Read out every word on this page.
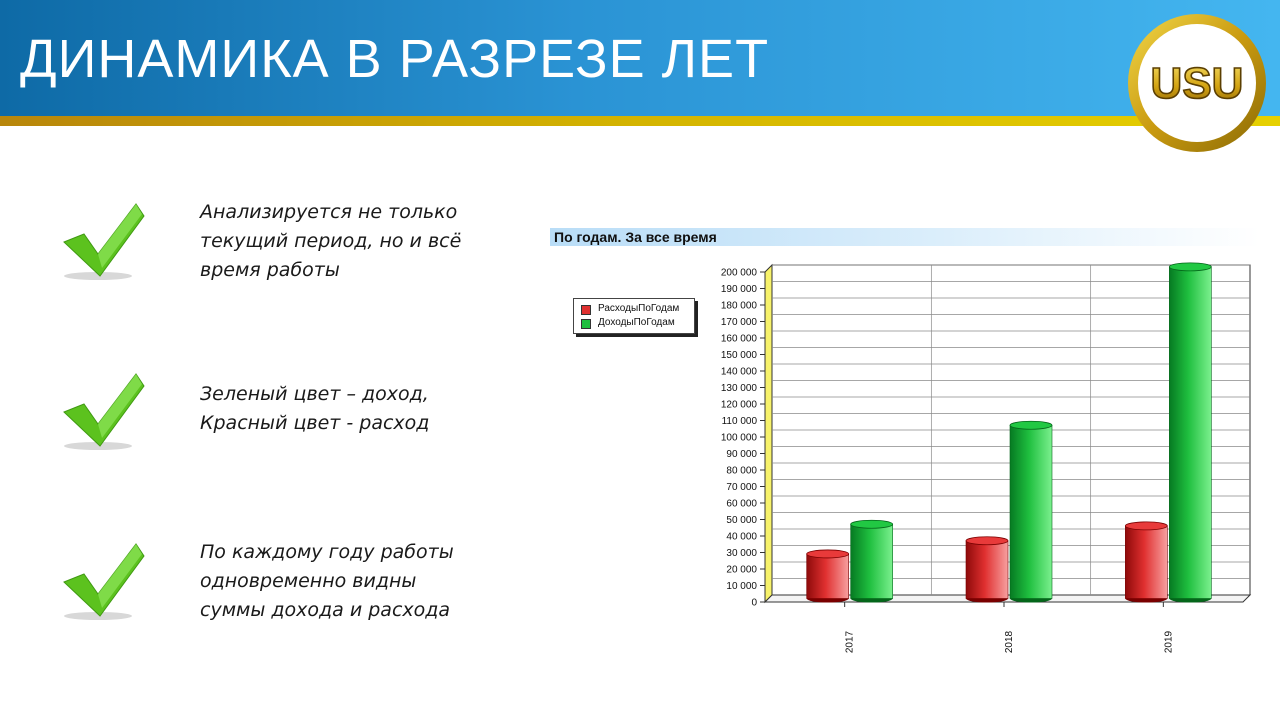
ДИНАМИКА В РАЗРЕЗЕ ЛЕТ	USU

Анализируется не только
текущий период, но и всё
время работы

Зеленый цвет – доход,
Красный цвет - расход

По каждому году работы
одновременно видны
суммы дохода и расхода

По годам. За все время
0
10 000
20 000
30 000
40 000
50 000
60 000
70 000
80 000
90 000
100 000
110 000
120 000
130 000
140 000
150 000
160 000
170 000
180 000
190 000
200 000
2017	2018	2019
РасходыПоГодам
ДоходыПоГодам
